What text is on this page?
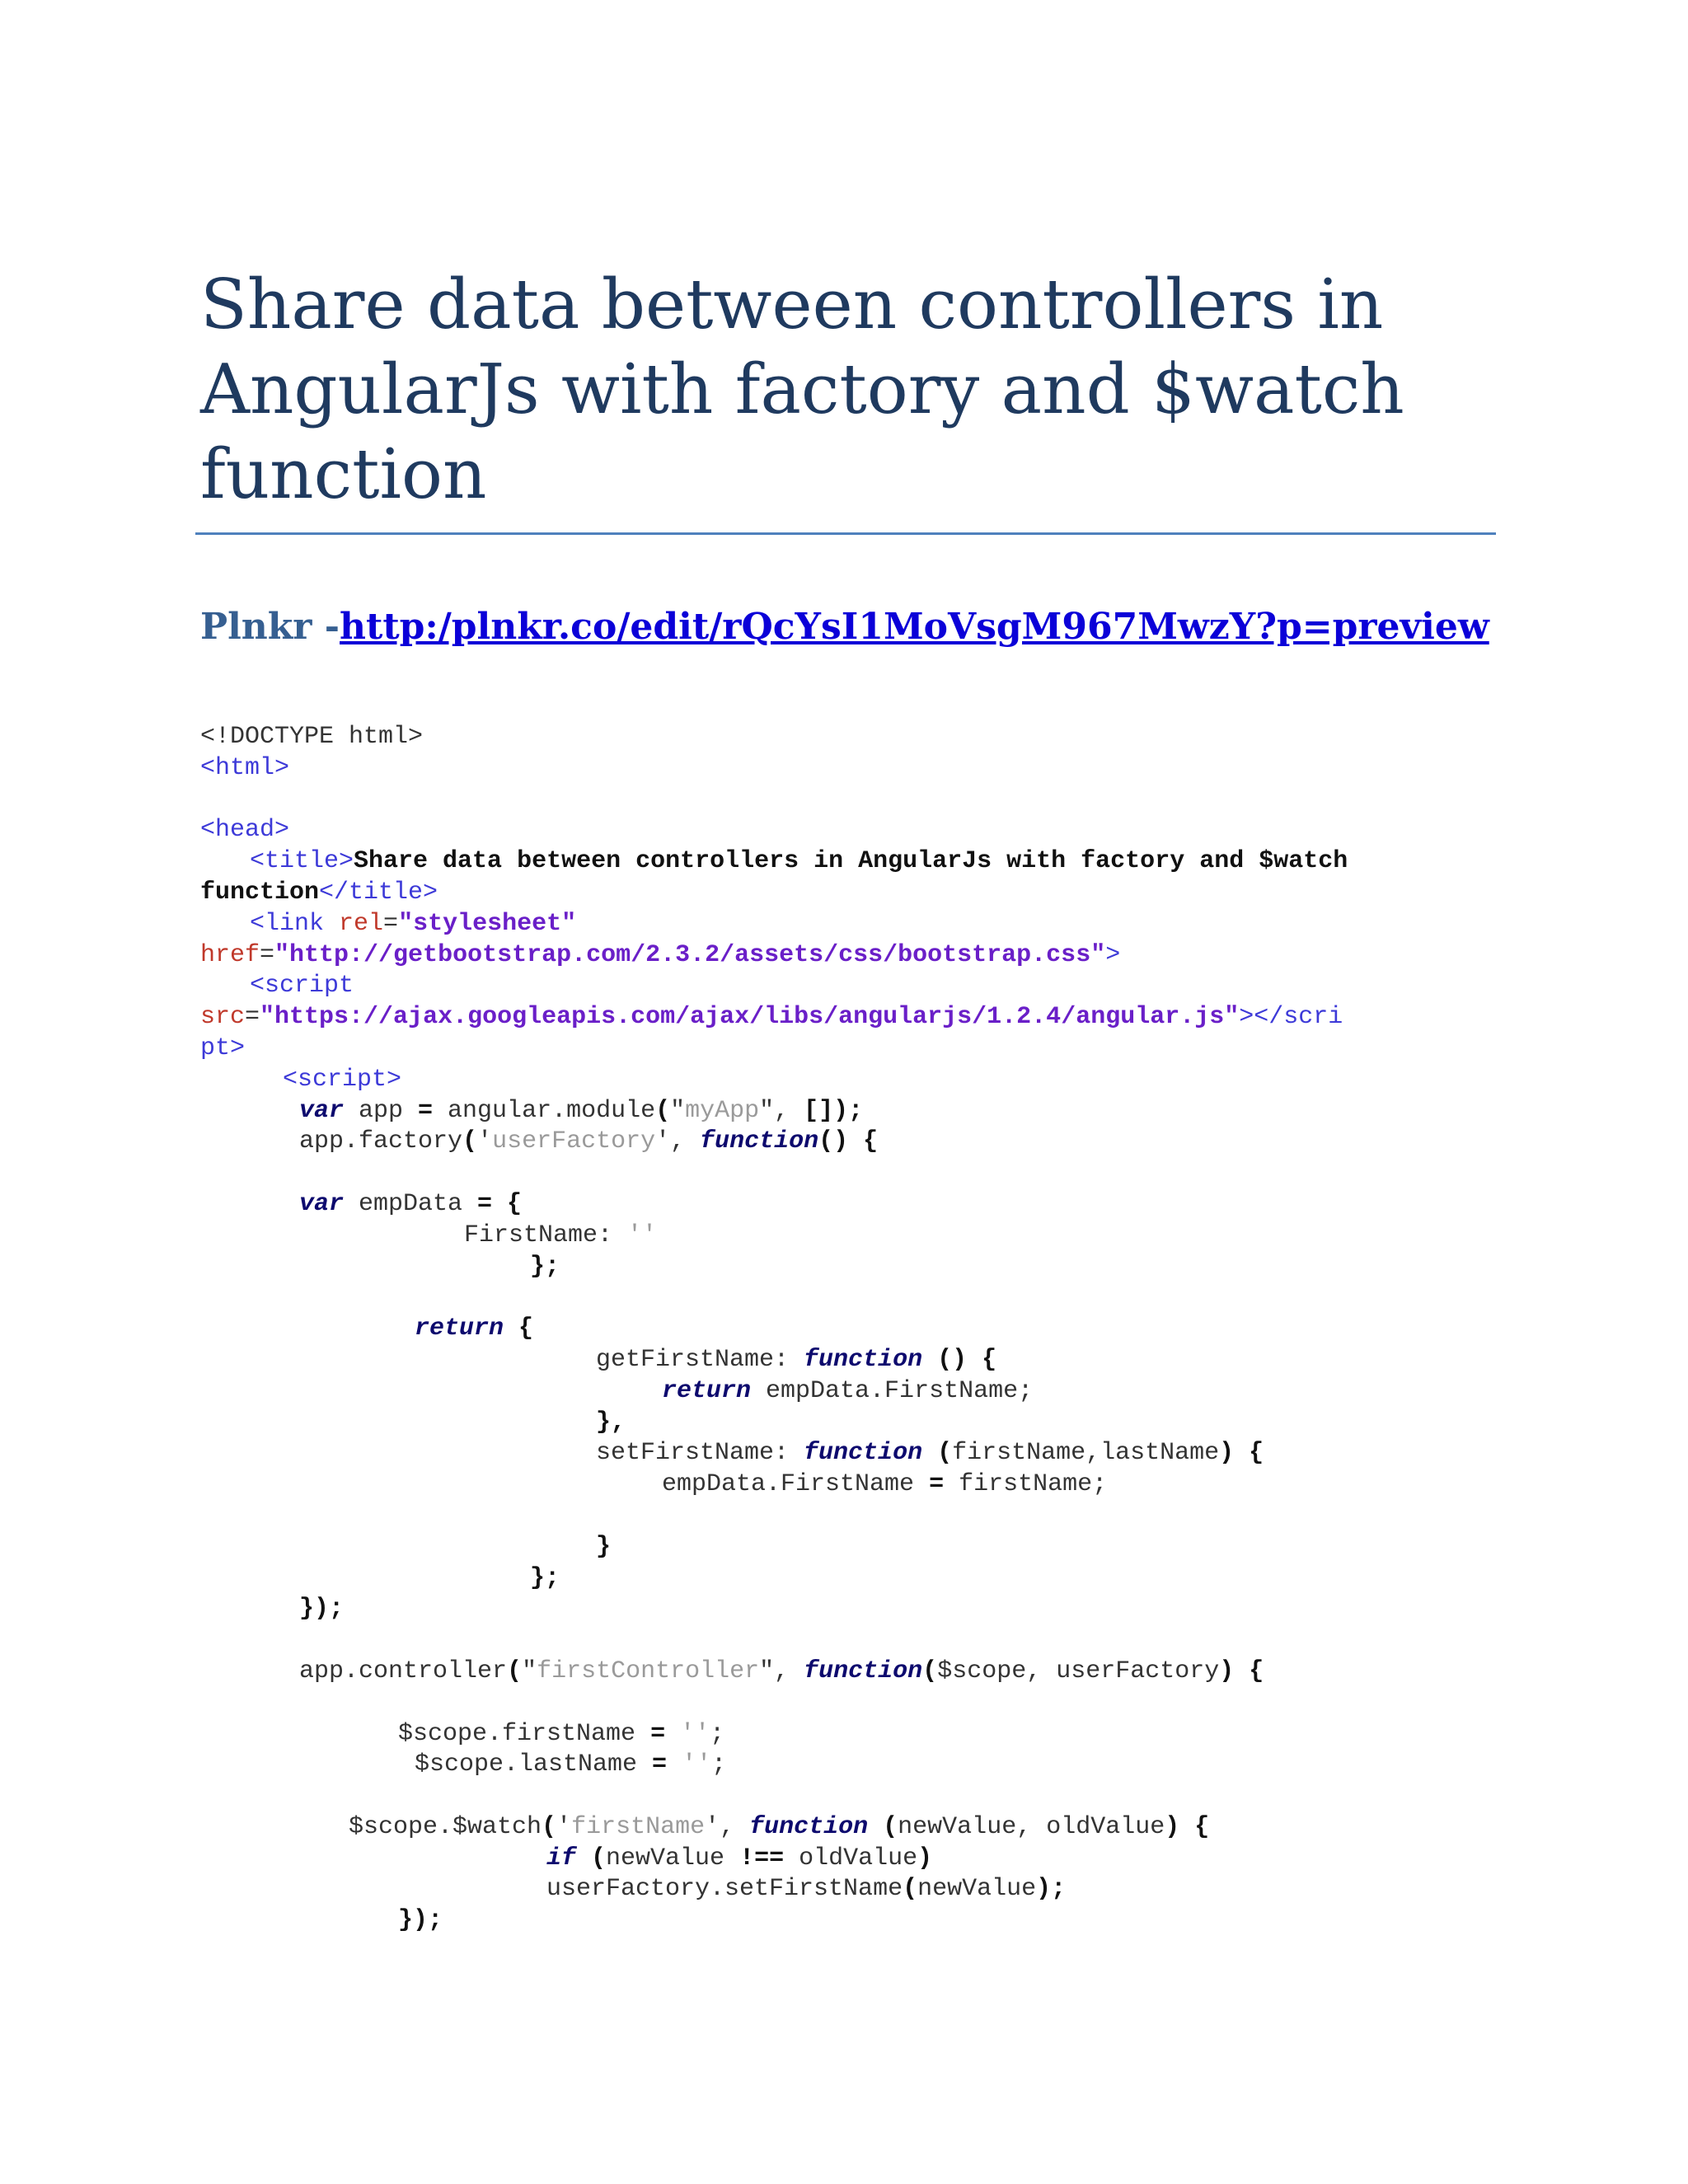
Share data between controllers in
AngularJs with factory and $watch
function
Plnkr -http:/plnkr.co/edit/rQcYsI1MoVsgM967MwzY?p=preview
<!DOCTYPE html>
<html>
<head>
<title>Share data between controllers in AngularJs with factory and $watch
function</title>
<link rel="stylesheet"
href="http://getbootstrap.com/2.3.2/assets/css/bootstrap.css">
<script
src="https://ajax.googleapis.com/ajax/libs/angularjs/1.2.4/angular.js"></scri
pt>
<script>
var app = angular.module("myApp", []);
app.factory('userFactory', function() {
var empData = {
FirstName: ''
};
return {
getFirstName: function () {
return empData.FirstName;
},
setFirstName: function (firstName,lastName) {
empData.FirstName = firstName;
}
};
});
app.controller("firstController", function($scope, userFactory) {
$scope.firstName = '';
$scope.lastName = '';
$scope.$watch('firstName', function (newValue, oldValue) {
if (newValue !== oldValue)
userFactory.setFirstName(newValue);
});
